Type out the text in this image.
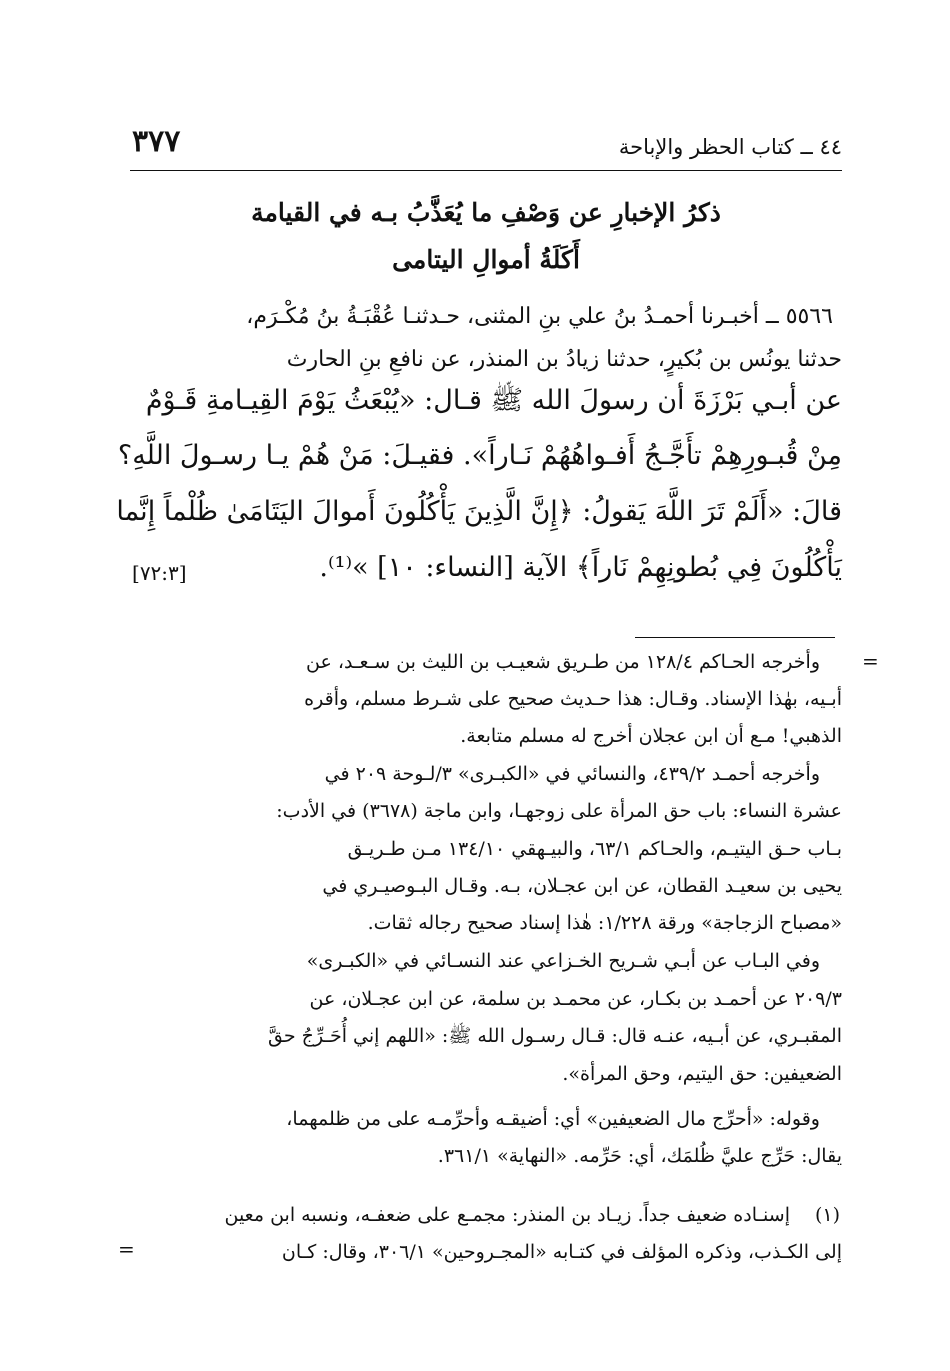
٣٧٧	٤٤ ــ كتاب الحظر والإباحة
ذكرُ الإخبارِ عن وَصْفِ ما يُعَذَّبُ بـه في القيامة
أَكَلَةُ أموالِ اليتامى
٥٥٦٦ ــ أخبـرنا أحمـدُ بنُ علي بنِ المثنى، حـدثنـا عُقْبَـةُ بنُ مُكْـرَم،
حدثنا يونُس بن بُكيرٍ، حدثنا زيادُ بن المنذر، عن نافعِ بنِ الحارث
عن أبـي بَرْزَةَ أن رسولَ الله ﷺ قـال: «يُبْعَثُ يَوْمَ القِيـامةِ قَـوْمٌ
مِنْ قُبـورِهِمْ تأَجَّـجُ أَفـواهُهُمْ نَـاراً». فقيـلَ: مَنْ هُمْ يـا رسـولَ اللَّهِ؟
قالَ: «أَلَمْ تَرَ اللَّهَ يَقولُ: ﴿إِنَّ الَّذِينَ يَأْكُلُونَ أَموالَ اليَتَامَىٰ ظُلْماً إِنَّما
يَأْكُلُونَ فِي بُطونِهِمْ نَاراً﴾ الآية [النساء: ١٠] »⁽¹⁾.
[٧٢:٣]
=
وأخرجه الحـاكم ١٢٨/٤ من طـريق شعيـب بن الليث بن سـعـد، عن
أبـيه، بهٰذا الإسناد. وقـال: هذا حـديث صحيح على شـرط مسلم، وأقره
الذهبي! مـع أن ابن عجلان أخرج له مسلم متابعة.
وأخرجه أحمـد ٤٣٩/٢، والنسائي في «الكبـرى» ٣/لـوحة ٢٠٩ في
عشرة النساء: باب حق المرأة على زوجهـا، وابن ماجة (٣٦٧٨) في الأدب:
بـاب حـق اليتيـم، والحـاكم ٦٣/١، والبيـهقي ١٣٤/١٠ مـن طـريـق
يحيى بن سعيـد القطان، عن ابن عجـلان، بـه. وقـال البـوصيـري في
«مصباح الزجاجة» ورقة ١/٢٢٨: هٰذا إسناد صحيح رجاله ثقات.
وفي البـاب عن أبـي شـريح الخـزاعي عند النسـائي في «الكبـرى»
٢٠٩/٣ عن أحمـد بن بكـار، عن محمـد بن سلمة، عن ابن عجـلان، عن
المقبـري، عن أبـيه، عنـه قال: قـال رسـول الله ﷺ: «اللهم إني أُحَـرِّجُ حقَّ
الضعيفين: حق اليتيم، وحق المرأة».
وقوله: «أحرِّج مال الضعيفين» أي: أضيقـه وأحرِّمـه على من ظلمهما،
يقال: حَرِّج عليَّ ظُلمَك، أي: حَرِّمه. «النهاية» ٣٦١/١.
(١)
إسنـاده ضعيف جداً. زيـاد بن المنذر: مجمـع على ضعفـه، ونسبه ابن معين
إلى الكـذب، وذكره المؤلف في كتـابه «المجـروحين» ٣٠٦/١، وقال: كـان
=
